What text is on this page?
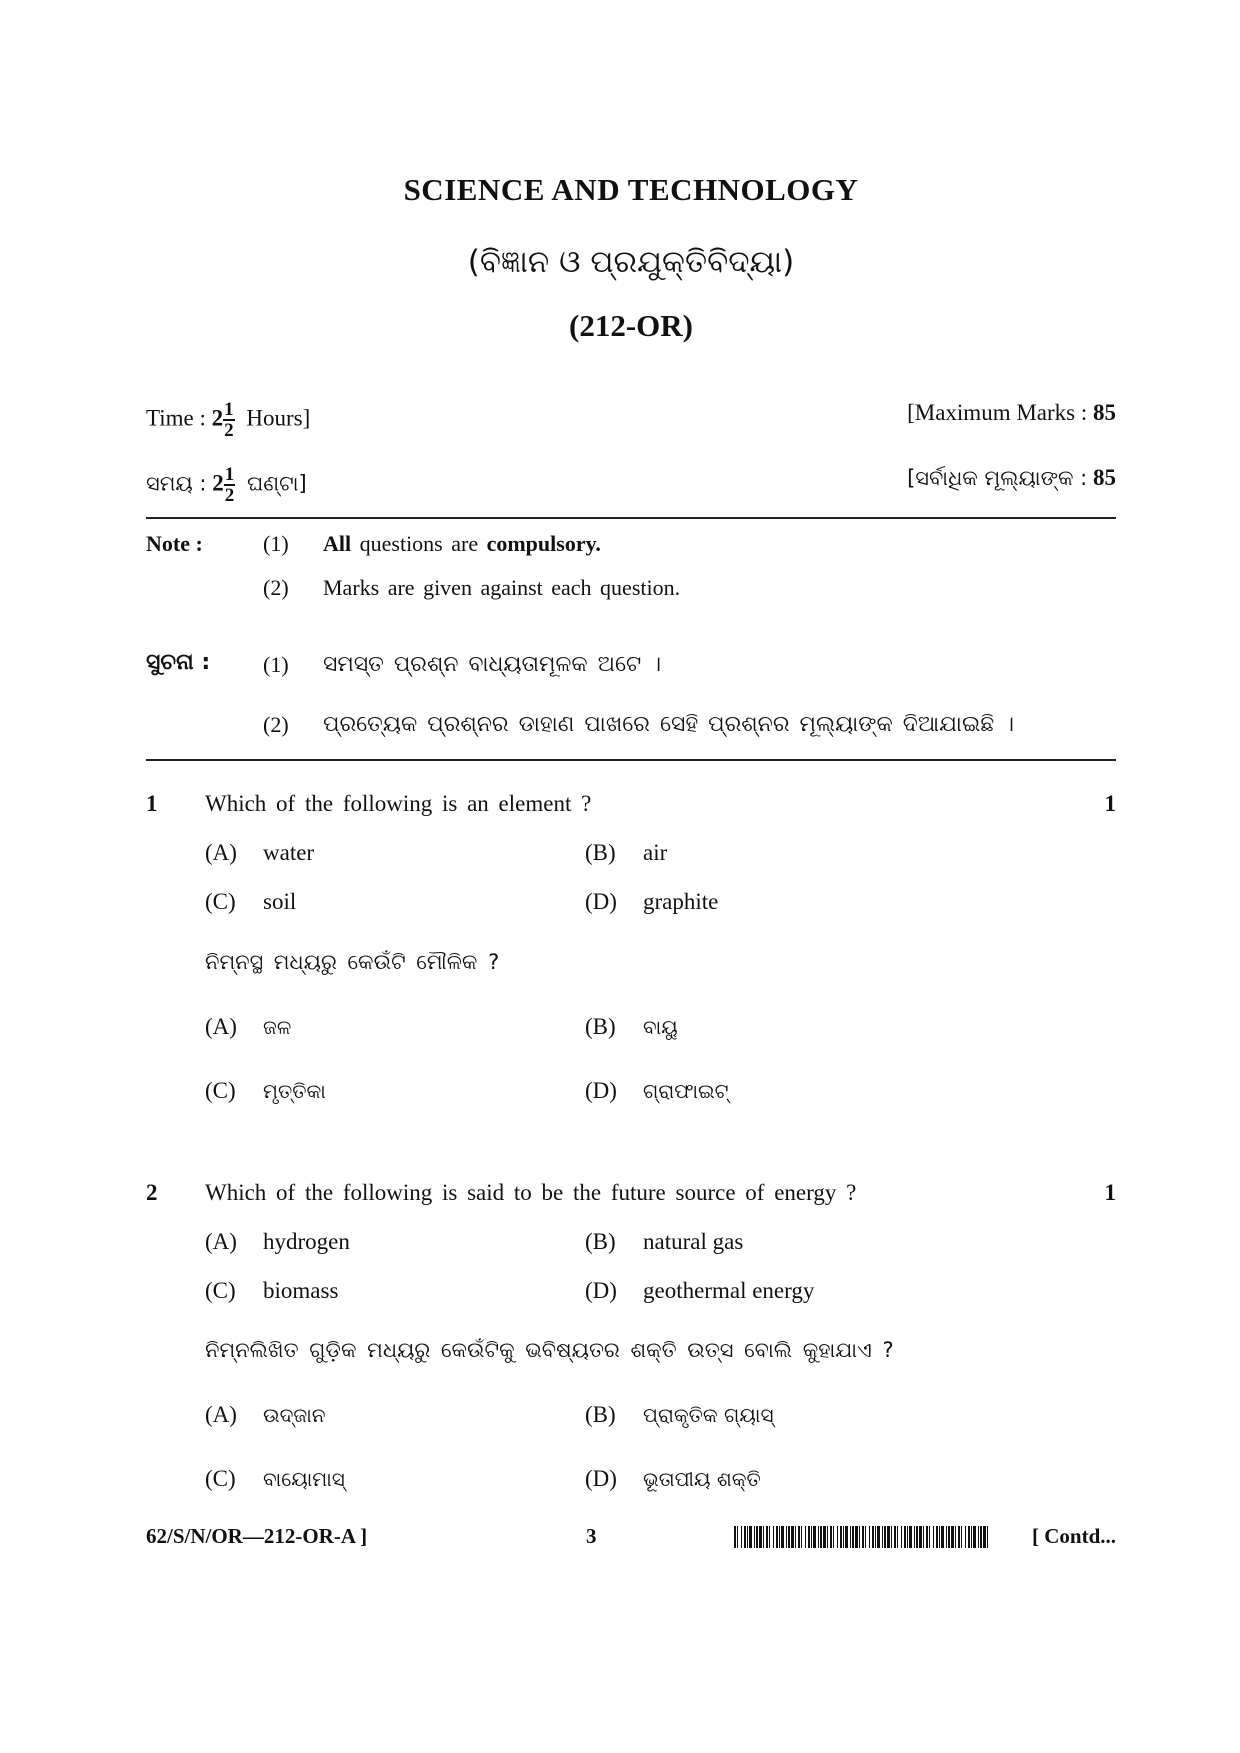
SCIENCE AND TECHNOLOGY
(ବିଜ୍ଞାନ ଓ ପ୍ରଯୁକ୍ତିବିଦ୍ୟା)
(212-OR)
Time : $2 \frac{1}{2}$ Hours]	[Maximum Marks : 85
ସମୟ : $2 \frac{1}{2}$ ଘଣ୍ଟା]	[ସର୍ବାଧିକ ମୂଲ୍ୟାଙ୍କ : 85
Note :	(1) All questions are compulsory.
(2) Marks are given against each question.
ସୁଚନା : (1) ସମସ୍ତ ପ୍ରଶ୍ନ ବାଧ୍ୟତାମୂଳକ ଅଟେ ।
(2) ପ୍ରତ୍ୟେକ ପ୍ରଶ୍ନର ଡାହାଣ ପାଖରେ ସେହି ପ୍ରଶ୍ନର ମୂଲ୍ୟାଙ୍କ ଦିଆଯାଇଛି ।
1 Which of the following is an element ?	1
(A) water	(B) air
(C) soil	(D) graphite
ନିମ୍ନସ୍ଥ ମଧ୍ୟରୁ କେଉଁଟି ମୌଳିକ ?
(A) ଜଳ	(B) ବାୟୁ
(C) ମୃତ୍ତିକା	(D) ଗ୍ରାଫାଇଟ୍
2 Which of the following is said to be the future source of energy ?	1
(A) hydrogen	(B) natural gas
(C) biomass	(D) geothermal energy
ନିମ୍ନଲିଖିତ ଗୁଡ଼ିକ ମଧ୍ୟରୁ କେଉଁଟିକୁ ଭବିଷ୍ୟତର ଶକ୍ତି ଉତ୍ସ ବୋଲି କୁହାଯାଏ ?
(A) ଉଦ୍‌ଜାନ	(B) ପ୍ରାକୃତିକ ଗ୍ୟାସ୍
(C) ବାୟୋମାସ୍	(D) ଭୂତାପୀୟ ଶକ୍ତି
62/S/N/OR—212-OR-A ]	3	[ Contd...
